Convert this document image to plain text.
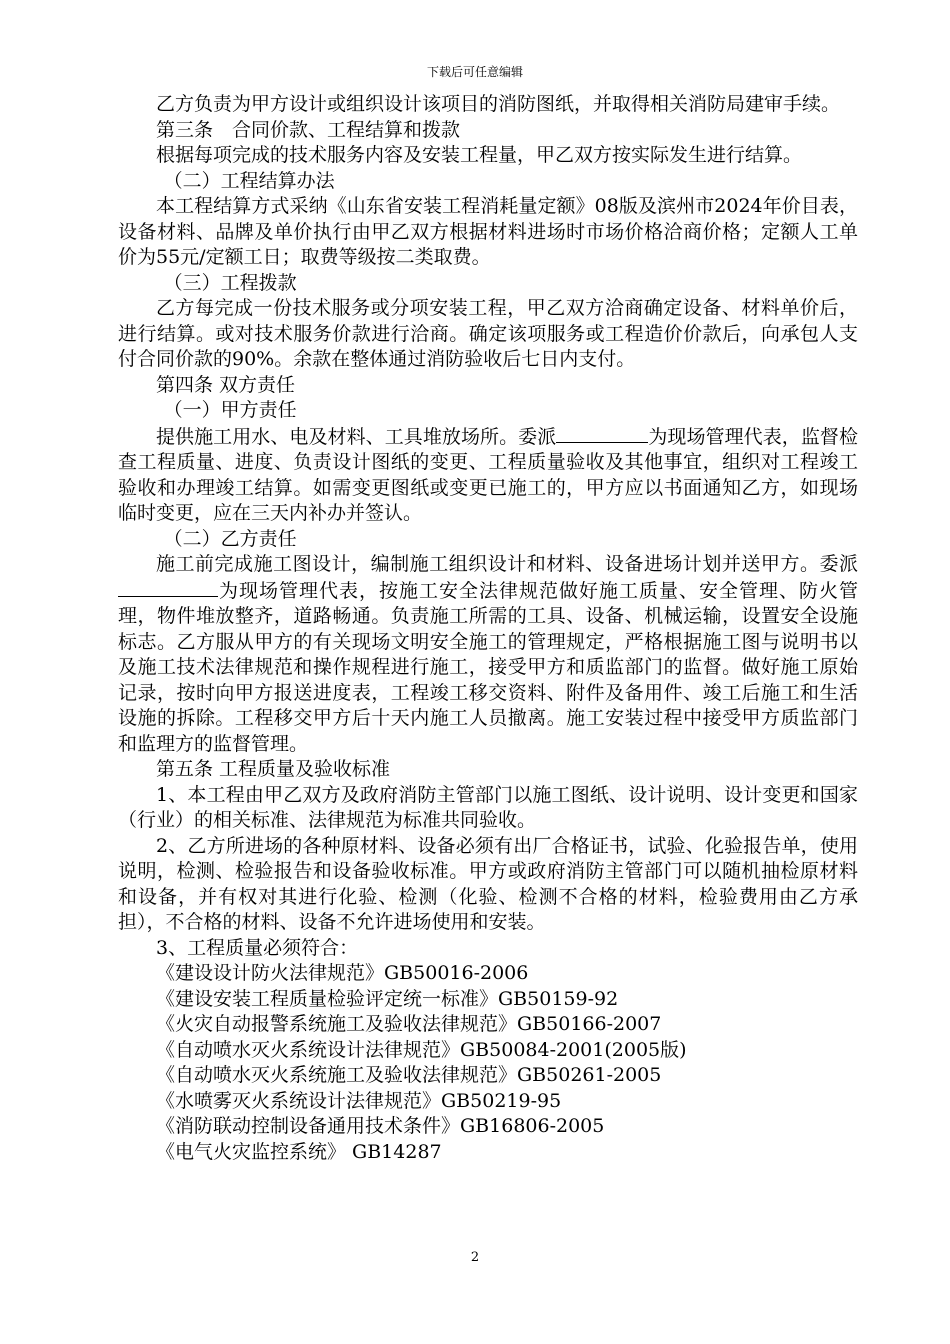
下载后可任意编辑

乙方负责为甲方设计或组织设计该项目的消防图纸，并取得相关消防局建审手续。

第三条　合同价款、工程结算和拨款

根据每项完成的技术服务内容及安装工程量，甲乙双方按实际发生进行结算。

（二）工程结算办法

本工程结算方式采纳《山东省安装工程消耗量定额》08版及滨州市2024年价目表，设备材料、品牌及单价执行由甲乙双方根据材料进场时市场价格洽商价格；定额人工单价为55元/定额工日；取费等级按二类取费。

（三）工程拨款

乙方每完成一份技术服务或分项安装工程，甲乙双方洽商确定设备、材料单价后，进行结算。或对技术服务价款进行洽商。确定该项服务或工程造价价款后，向承包人支付合同价款的90%。余款在整体通过消防验收后七日内支付。

第四条 双方责任

（一）甲方责任

提供施工用水、电及材料、工具堆放场所。委派	为现场管理代表，监督检查工程质量、进度、负责设计图纸的变更、工程质量验收及其他事宜，组织对工程竣工验收和办理竣工结算。如需变更图纸或变更已施工的，甲方应以书面通知乙方，如现场临时变更，应在三天内补办并签认。

（二）乙方责任

施工前完成施工图设计，编制施工组织设计和材料、设备进场计划并送甲方。委派为现场管理代表，按施工安全法律规范做好施工质量、安全管理、防火管理，物件堆放整齐，道路畅通。负责施工所需的工具、设备、机械运输，设置安全设施标志。乙方服从甲方的有关现场文明安全施工的管理规定，严格根据施工图与说明书以及施工技术法律规范和操作规程进行施工，接受甲方和质监部门的监督。做好施工原始记录，按时向甲方报送进度表，工程竣工移交资料、附件及备用件、竣工后施工和生活设施的拆除。工程移交甲方后十天内施工人员撤离。施工安装过程中接受甲方质监部门和监理方的监督管理。

第五条 工程质量及验收标准

1、本工程由甲乙双方及政府消防主管部门以施工图纸、设计说明、设计变更和国家（行业）的相关标准、法律规范为标准共同验收。

2、乙方所进场的各种原材料、设备必须有出厂合格证书，试验、化验报告单，使用说明，检测、检验报告和设备验收标准。甲方或政府消防主管部门可以随机抽检原材料和设备，并有权对其进行化验、检测（化验、检测不合格的材料，检验费用由乙方承担），不合格的材料、设备不允许进场使用和安装。

3、工程质量必须符合：

《建设设计防火法律规范》GB50016-2006

《建设安装工程质量检验评定统一标准》GB50159-92

《火灾自动报警系统施工及验收法律规范》GB50166-2007

《自动喷水灭火系统设计法律规范》GB50084-2001(2005版)

《自动喷水灭火系统施工及验收法律规范》GB50261-2005

《水喷雾灭火系统设计法律规范》GB50219-95

《消防联动控制设备通用技术条件》GB16806-2005

《电气火灾监控系统》 GB14287

2
